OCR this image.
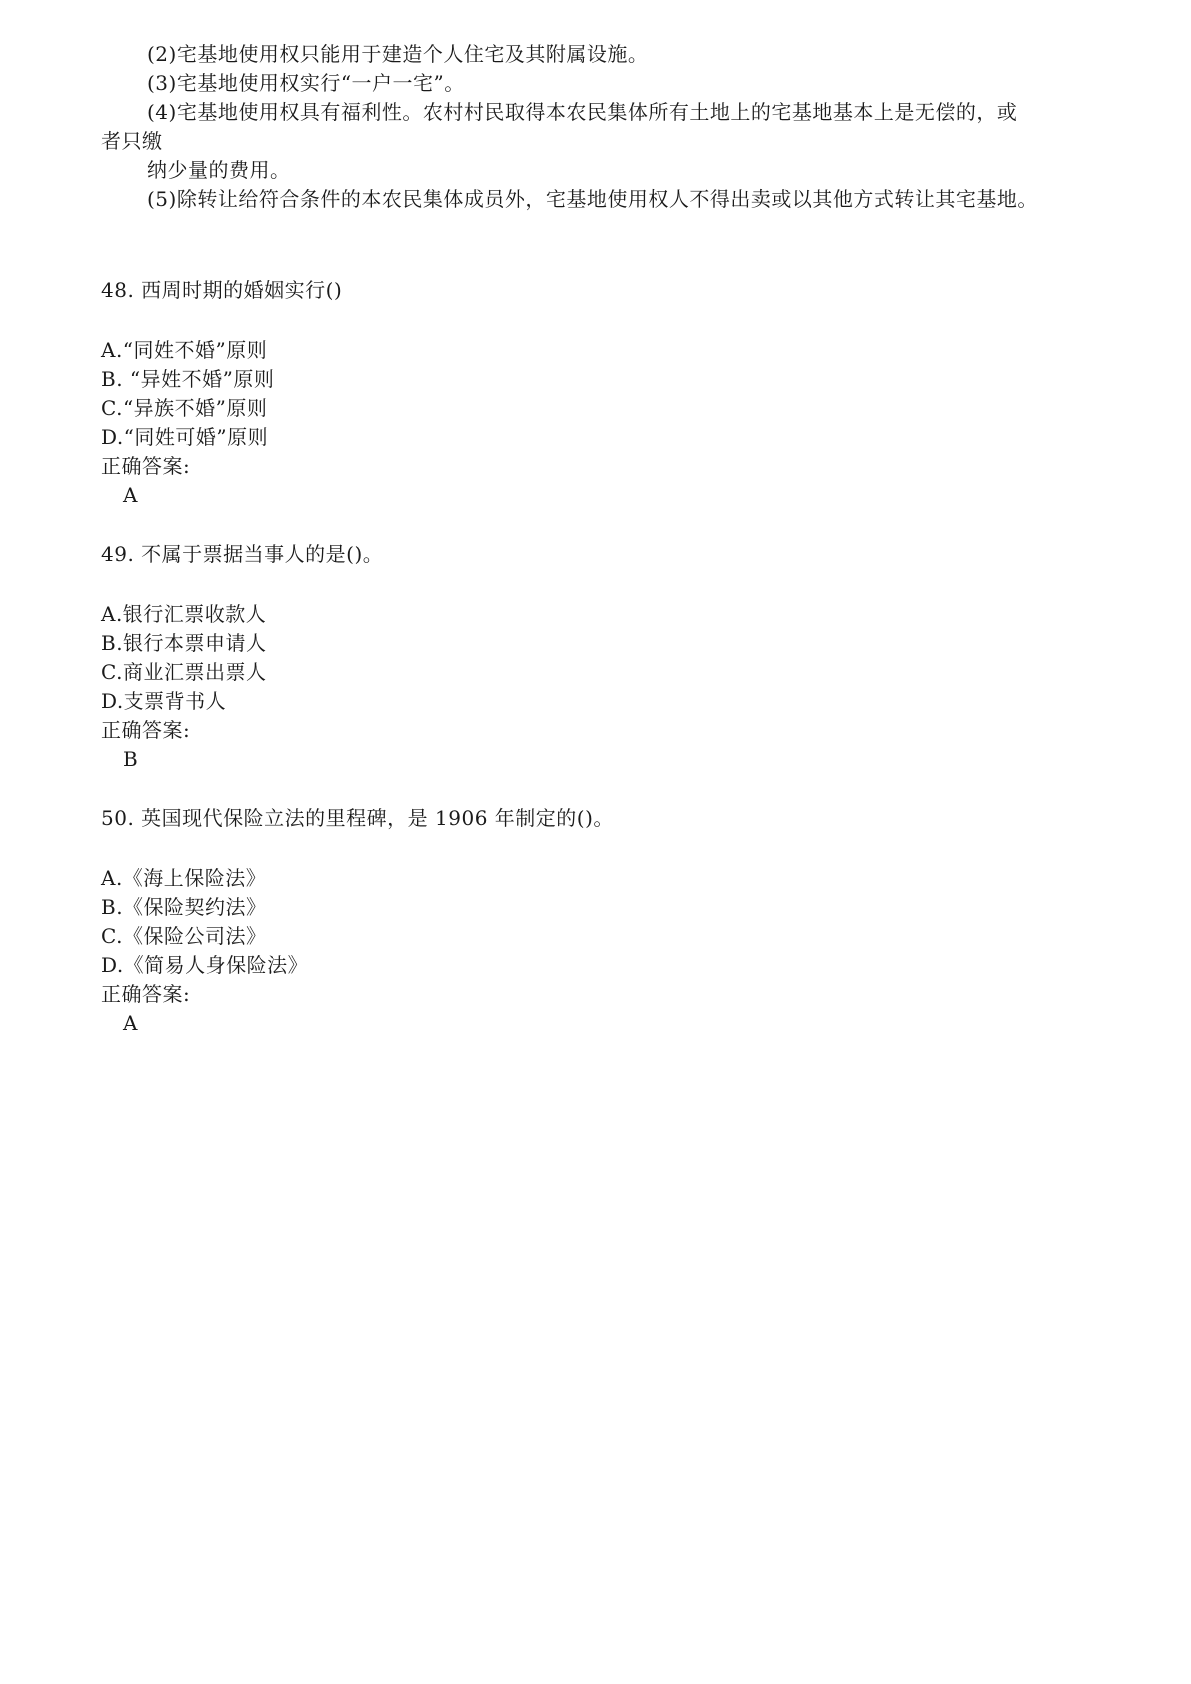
(2)宅基地使用权只能用于建造个人住宅及其附属设施。
(3)宅基地使用权实行“一户一宅”。
(4)宅基地使用权具有福利性。农村村民取得本农民集体所有土地上的宅基地基本上是无偿的，或
者只缴
纳少量的费用。
(5)除转让给符合条件的本农民集体成员外，宅基地使用权人不得出卖或以其他方式转让其宅基地。
48. 西周时期的婚姻实行()
A.“同姓不婚”原则
B. “异姓不婚”原则
C.“异族不婚”原则
D.“同姓可婚”原则
正确答案:
A
49. 不属于票据当事人的是()。
A.银行汇票收款人
B.银行本票申请人
C.商业汇票出票人
D.支票背书人
正确答案:
B
50. 英国现代保险立法的里程碑，是 1906 年制定的()。
A.《海上保险法》
B.《保险契约法》
C.《保险公司法》
D.《简易人身保险法》
正确答案:
A
